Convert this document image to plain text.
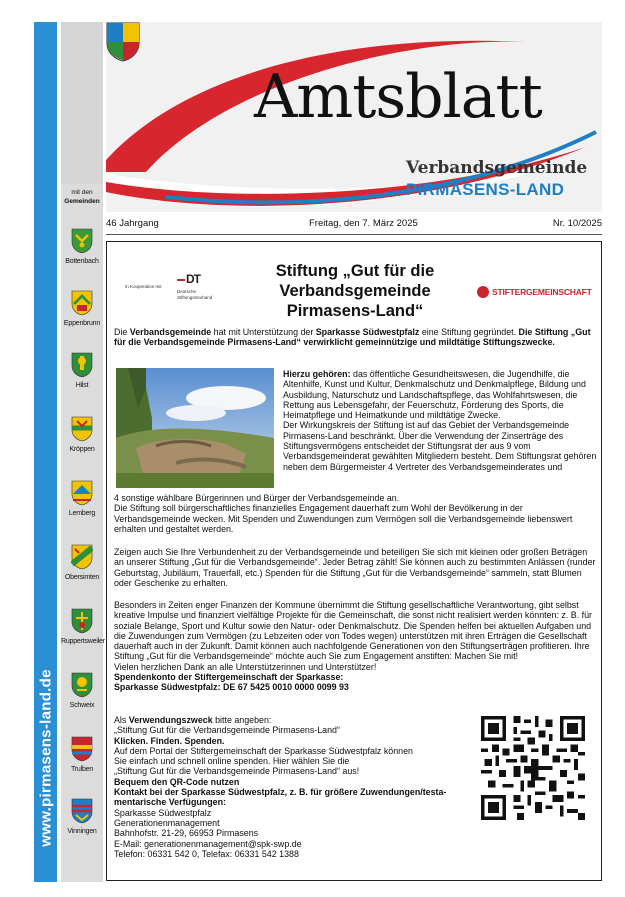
www.pirmasens-land.de
mit den
Gemeinden
Bottenbach
Eppenbrunn
Hilst
Kröppen
Lemberg
Obersimten
Ruppertsweiler
Schweix
Trulben
Vinningen
Amtsblatt
Verbandsgemeinde
PIRMASENS-LAND
46 Jahrgang	Freitag, den 7. März 2025	Nr. 10/2025
In Kooperation mit
DT
Deutsche
Stiftungstreuhand
Stiftung „Gut für die
Verbandsgemeinde
Pirmasens-Land“
STIFTERGEMEINSCHAFT
Die Verbandsgemeinde hat mit Unterstützung der Sparkasse Südwestpfalz eine Stiftung gegründet. Die Stiftung „Gut für die Verbandsgemeinde Pirmasens-Land“ verwirklicht gemeinnützige und mildtätige Stiftungszwecke.

Hierzu gehören: das öffentliche Gesundheitswesen, die Jugendhilfe, die Altenhilfe, Kunst und Kultur, Denkmalschutz und Denkmalpflege, Bildung und Ausbildung, Naturschutz und Landschaftspflege, das Wohlfahrtswesen, die Rettung aus Lebensgefahr, der Feuerschutz, Förderung des Sports, die Heimatpflege und Heimatkunde und mildtätige Zwecke.

Der Wirkungskreis der Stiftung ist auf das Gebiet der Verbandsgemeinde Pirmasens-Land beschränkt. Über die Verwendung der Zinserträge des Stiftungsvermögens entscheidet der Stiftungsrat der aus 9 vom Verbandsgemeinderat gewählten Mitgliedern besteht. Dem Stiftungsrat gehören neben dem Bürgermeister 4 Vertreter des Verbandsgemeinderates und

4 sonstige wählbare Bürgerinnen und Bürger der Verbandsgemeinde an.

Die Stiftung soll bürgerschaftliches finanzielles Engagement dauerhaft zum Wohl der Bevölkerung in der Verbandsgemeinde wecken. Mit Spenden und Zuwendungen zum Vermögen soll die Verbandsgemeinde liebenswert erhalten und gestaltet werden.

Zeigen auch Sie Ihre Verbundenheit zu der Verbandsgemeinde und beteiligen Sie sich mit kleinen oder großen Beträgen an unserer Stiftung „Gut für die Verbandsgemeinde“. Jeder Betrag zählt! Sie können auch zu bestimmten Anlässen (runder Geburtstag, Jubiläum, Trauerfall, etc.) Spenden für die Stiftung „Gut für die Verbandsgemeinde“ sammeln, statt Blumen oder Geschenke zu erhalten.

Besonders in Zeiten enger Finanzen der Kommune übernimmt die Stiftung gesellschaftliche Verantwortung, gibt selbst kreative Impulse und finanziert vielfältige Projekte für die Gemeinschaft, die sonst nicht realisiert werden könnten: z. B. für soziale Belange, Sport und Kultur sowie den Natur- oder Denkmalschutz. Die Spenden helfen bei aktuellen Aufgaben und die Zuwendungen zum Vermögen (zu Lebzeiten oder von Todes wegen) unterstützen mit ihren Erträgen die Gesellschaft dauerhaft auch in der Zukunft. Damit können auch nachfolgende Generationen von den Stiftungserträgen profitieren. Ihre Stiftung „Gut für die Verbandsgemeinde“ möchte auch Sie zum Engagement anstiften: Machen Sie mit!

Vielen herzlichen Dank an alle Unterstützerinnen und Unterstützer!

Spendenkonto der Stiftergemeinschaft der Sparkasse:

Sparkasse Südwestpfalz: DE 67 5425 0010 0000 0099 93

Als Verwendungszweck bitte angeben:

„Stiftung Gut für die Verbandsgemeinde Pirmasens-Land“

Klicken. Finden. Spenden.

Auf dem Portal der Stiftergemeinschaft der Sparkasse Südwestpfalz können

Sie einfach und schnell online spenden. Hier wählen Sie die

„Stiftung Gut für die Verbandsgemeinde Pirmasens-Land“ aus!

Bequem den QR-Code nutzen

Kontakt bei der Sparkasse Südwestpfalz, z. B. für größere Zuwendungen/testa-

mentarische Verfügungen:

Sparkasse Südwestpfalz

Generationenmanagement

Bahnhofstr. 21-29, 66953 Pirmasens

E-Mail: generationenmanagement@spk-swp.de

Telefon: 06331 542 0, Telefax: 06331 542 1388
